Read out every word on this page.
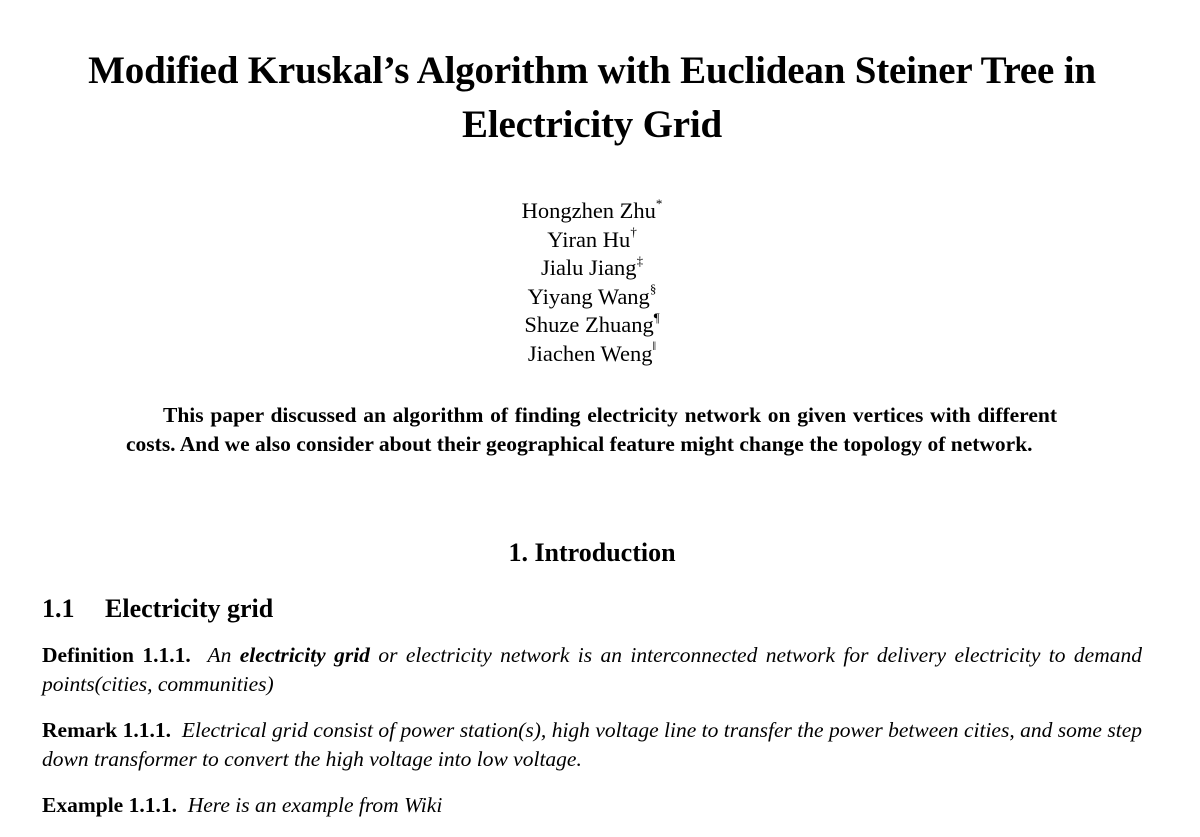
Modified Kruskal’s Algorithm with Euclidean Steiner Tree in Electricity Grid
Hongzhen Zhu*
Yiran Hu†
Jialu Jiang‡
Yiyang Wang§
Shuze Zhuang¶
Jiachen Weng‖

This paper discussed an algorithm of finding electricity network on given vertices with different costs. And we also consider about their geographical feature might change the topology of network.

1. Introduction
1.1 Electricity grid

Definition 1.1.1. An electricity grid or electricity network is an interconnected network for delivery electricity to demand points(cities, communities)

Remark 1.1.1. Electrical grid consist of power station(s), high voltage line to transfer the power between cities, and some step down transformer to convert the high voltage into low voltage.

Example 1.1.1. Here is an example from Wiki
